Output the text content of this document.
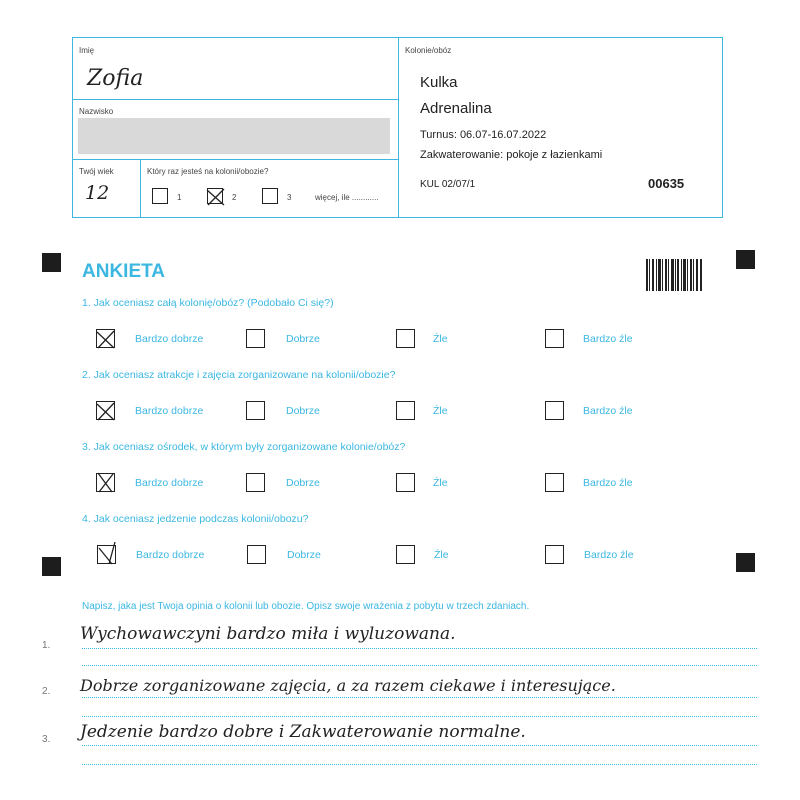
Imię
Zofia
Nazwisko
Twój wiek
12
Który raz jesteś na kolonii/obozie?
1	2	3	więcej, ile ............
Kolonie/obóz
Kulka
Adrenalina
Turnus: 06.07-16.07.2022
Zakwaterowanie: pokoje z łazienkami
KUL 02/07/1	00635
ANKIETA
1. Jak oceniasz całą kolonię/obóz? (Podobało Ci się?)
Bardzo dobrze	Dobrze	Źle	Bardzo źle
2. Jak oceniasz atrakcje i zajęcia zorganizowane na kolonii/obozie?
Bardzo dobrze	Dobrze	Źle	Bardzo źle
3. Jak oceniasz ośrodek, w którym były zorganizowane kolonie/obóz?
Bardzo dobrze	Dobrze	Źle	Bardzo źle
4. Jak oceniasz jedzenie podczas kolonii/obozu?
Bardzo dobrze	Dobrze	Źle	Bardzo źle
Napisz, jaka jest Twoja opinia o kolonii lub obozie. Opisz swoje wrażenia z pobytu w trzech zdaniach.
1.
Wychowawczyni bardzo miła i wyluzowana.
2. Dobrze zorganizowane zajęcia, a za razem ciekawe i interesujące.
3. Jedzenie bardzo dobre i Zakwaterowanie normalne.
